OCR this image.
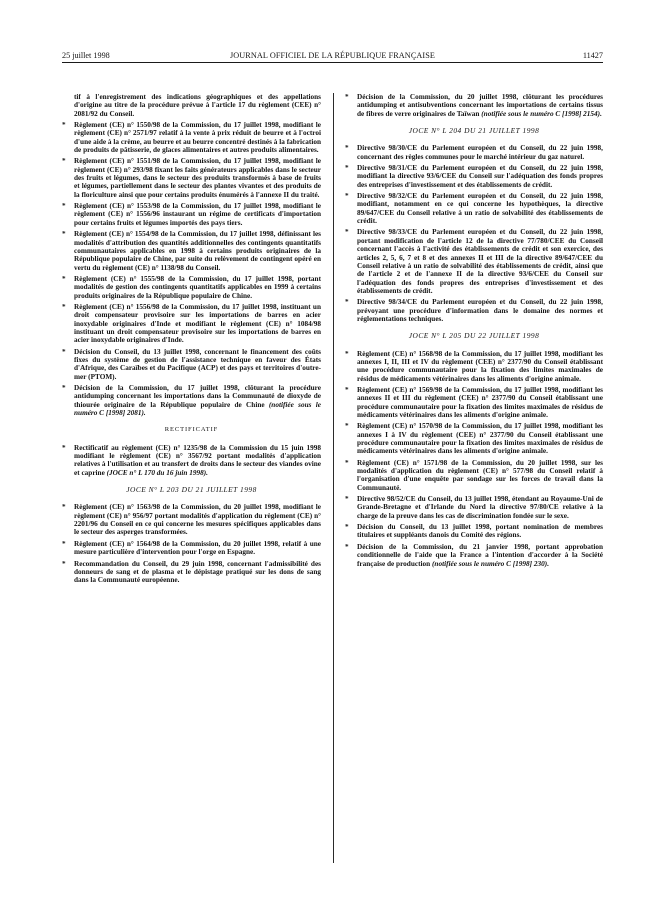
25 juillet 1998	JOURNAL OFFICIEL DE LA RÉPUBLIQUE FRANÇAISE	11427
tif à l'enregistrement des indications géographiques et des appellations d'origine au titre de la procédure prévue à l'article 17 du règlement (CEE) n° 2081/92 du Conseil.
* Règlement (CE) n° 1550/98 de la Commission, du 17 juillet 1998, modifiant le règlement (CE) n° 2571/97 relatif à la vente à prix réduit de beurre et à l'octroi d'une aide à la crème, au beurre et au beurre concentré destinés à la fabrication de produits de pâtisserie, de glaces alimentaires et autres produits alimentaires.
* Règlement (CE) n° 1551/98 de la Commission, du 17 juillet 1998, modifiant le règlement (CE) n° 293/98 fixant les faits générateurs applicables dans le secteur des fruits et légumes, dans le secteur des produits transformés à base de fruits et légumes, partiellement dans le secteur des plantes vivantes et des produits de la floriculture ainsi que pour certains produits énumérés à l'annexe II du traité.
* Règlement (CE) n° 1553/98 de la Commission, du 17 juillet 1998, modifiant le règlement (CE) n° 1556/96 instaurant un régime de certificats d'importation pour certains fruits et légumes importés des pays tiers.
* Règlement (CE) n° 1554/98 de la Commission, du 17 juillet 1998, définissant les modalités d'attribution des quantités additionnelles des contingents quantitatifs communautaires applicables en 1998 à certains produits originaires de la République populaire de Chine, par suite du relèvement de contingent opéré en vertu du règlement (CE) n° 1138/98 du Conseil.
* Règlement (CE) n° 1555/98 de la Commission, du 17 juillet 1998, portant modalités de gestion des contingents quantitatifs applicables en 1999 à certains produits originaires de la République populaire de Chine.
* Règlement (CE) n° 1556/98 de la Commission, du 17 juillet 1998, instituant un droit compensateur provisoire sur les importations de barres en acier inoxydable originaires d'Inde et modifiant le règlement (CE) n° 1084/98 instituant un droit compensateur provisoire sur les importations de barres en acier inoxydable originaires d'Inde.
* Décision du Conseil, du 13 juillet 1998, concernant le financement des coûts fixes du système de gestion de l'assistance technique en faveur des États d'Afrique, des Caraïbes et du Pacifique (ACP) et des pays et territoires d'outre-mer (PTOM).
* Décision de la Commission, du 17 juillet 1998, clôturant la procédure antidumping concernant les importations dans la Communauté de dioxyde de thiourée originaire de la République populaire de Chine (notifiée sous le numéro C [1998] 2081).
RECTIFICATIF
* Rectificatif au règlement (CE) n° 1235/98 de la Commission du 15 juin 1998 modifiant le règlement (CE) n° 3567/92 portant modalités d'application relatives à l'utilisation et au transfert de droits dans le secteur des viandes ovine et caprine (JOCE n° L 170 du 16 juin 1998).
JOCE N° L 203 DU 21 JUILLET 1998
* Règlement (CE) n° 1563/98 de la Commission, du 20 juillet 1998, modifiant le règlement (CE) n° 956/97 portant modalités d'application du règlement (CE) n° 2201/96 du Conseil en ce qui concerne les mesures spécifiques applicables dans le secteur des asperges transformées.
* Règlement (CE) n° 1564/98 de la Commission, du 20 juillet 1998, relatif à une mesure particulière d'intervention pour l'orge en Espagne.
* Recommandation du Conseil, du 29 juin 1998, concernant l'admissibilité des donneurs de sang et de plasma et le dépistage pratiqué sur les dons de sang dans la Communauté européenne.
* Décision de la Commission, du 20 juillet 1998, clôturant les procédures antidumping et antisubventions concernant les importations de certains tissus de fibres de verre originaires de Taïwan (notifiée sous le numéro C [1998] 2154).
JOCE N° L 204 DU 21 JUILLET 1998
* Directive 98/30/CE du Parlement européen et du Conseil, du 22 juin 1998, concernant des règles communes pour le marché intérieur du gaz naturel.
* Directive 98/31/CE du Parlement européen et du Conseil, du 22 juin 1998, modifiant la directive 93/6/CEE du Conseil sur l'adéquation des fonds propres des entreprises d'investissement et des établissements de crédit.
* Directive 98/32/CE du Parlement européen et du Conseil, du 22 juin 1998, modifiant, notamment en ce qui concerne les hypothèques, la directive 89/647/CEE du Conseil relative à un ratio de solvabilité des établissements de crédit.
* Directive 98/33/CE du Parlement européen et du Conseil, du 22 juin 1998, portant modification de l'article 12 de la directive 77/780/CEE du Conseil concernant l'accès à l'activité des établissements de crédit et son exercice, des articles 2, 5, 6, 7 et 8 et des annexes II et III de la directive 89/647/CEE du Conseil relative à un ratio de solvabilité des établissements de crédit, ainsi que de l'article 2 et de l'annexe II de la directive 93/6/CEE du Conseil sur l'adéquation des fonds propres des entreprises d'investissement et des établissements de crédit.
* Directive 98/34/CE du Parlement européen et du Conseil, du 22 juin 1998, prévoyant une procédure d'information dans le domaine des normes et réglementations techniques.
JOCE N° L 205 DU 22 JUILLET 1998
* Règlement (CE) n° 1568/98 de la Commission, du 17 juillet 1998, modifiant les annexes I, II, III et IV du règlement (CEE) n° 2377/90 du Conseil établissant une procédure communautaire pour la fixation des limites maximales de résidus de médicaments vétérinaires dans les aliments d'origine animale.
* Règlement (CE) n° 1569/98 de la Commission, du 17 juillet 1998, modifiant les annexes II et III du règlement (CEE) n° 2377/90 du Conseil établissant une procédure communautaire pour la fixation des limites maximales de résidus de médicaments vétérinaires dans les aliments d'origine animale.
* Règlement (CE) n° 1570/98 de la Commission, du 17 juillet 1998, modifiant les annexes I à IV du règlement (CEE) n° 2377/90 du Conseil établissant une procédure communautaire pour la fixation des limites maximales de résidus de médicaments vétérinaires dans les aliments d'origine animale.
* Règlement (CE) n° 1571/98 de la Commission, du 20 juillet 1998, sur les modalités d'application du règlement (CE) n° 577/98 du Conseil relatif à l'organisation d'une enquête par sondage sur les forces de travail dans la Communauté.
* Directive 98/52/CE du Conseil, du 13 juillet 1998, étendant au Royaume-Uni de Grande-Bretagne et d'Irlande du Nord la directive 97/80/CE relative à la charge de la preuve dans les cas de discrimination fondée sur le sexe.
* Décision du Conseil, du 13 juillet 1998, portant nomination de membres titulaires et suppléants danois du Comité des régions.
* Décision de la Commission, du 21 janvier 1998, portant approbation conditionnelle de l'aide que la France a l'intention d'accorder à la Société française de production (notifiée sous le numéro C [1998] 230).
